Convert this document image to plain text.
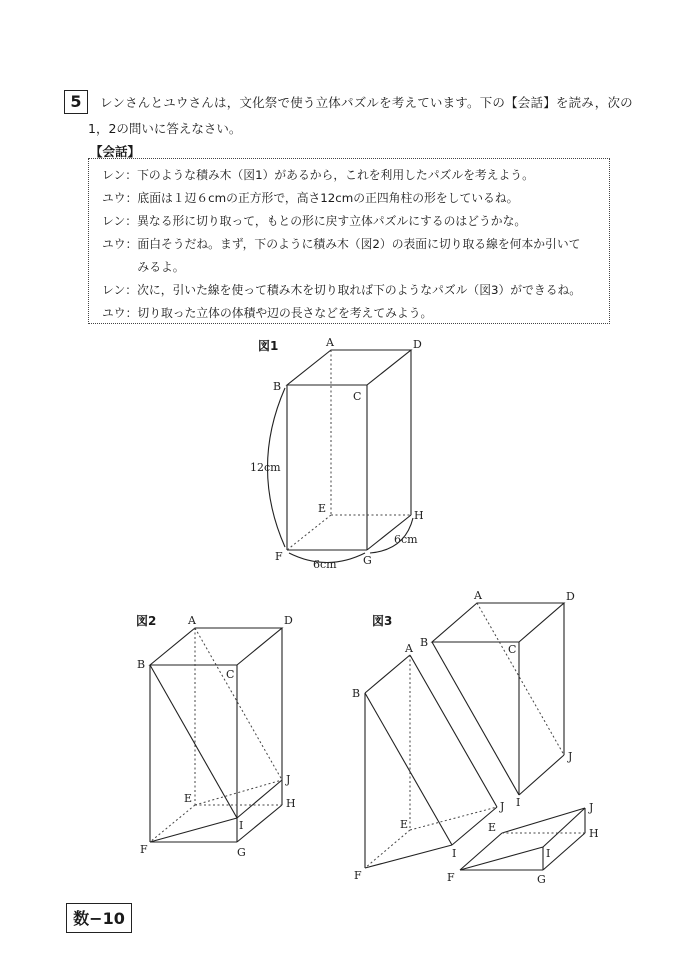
5	レンさんとユウさんは，文化祭で使う立体パズルを考えています。下の【会話】を読み，次の
1，2の問いに答えなさい。
【会話】
レン：下のような積み木（図1）があるから，これを利用したパズルを考えよう。
ユウ：底面は１辺６cmの正方形で，高さ12cmの正四角柱の形をしているね。
レン：異なる形に切り取って，もとの形に戻す立体パズルにするのはどうかな。
ユウ：面白そうだね。まず，下のように積み木（図2）の表面に切り取る線を何本か引いて
　　　みるよ。
レン：次に，引いた線を使って積み木を切り取れば下のようなパズル（図3）ができるね。
ユウ：切り取った立体の体積や辺の長さなどを考えてみよう。
図1
図2	図3
A
B
C
D
E
F	G
H
12cm
6cm
6cm
A
B
C
D
E
F	G
H
I
J
A
B
C
D
I
J
A
B
E
F
I
J
E
F	G
H
I
J
数−10
